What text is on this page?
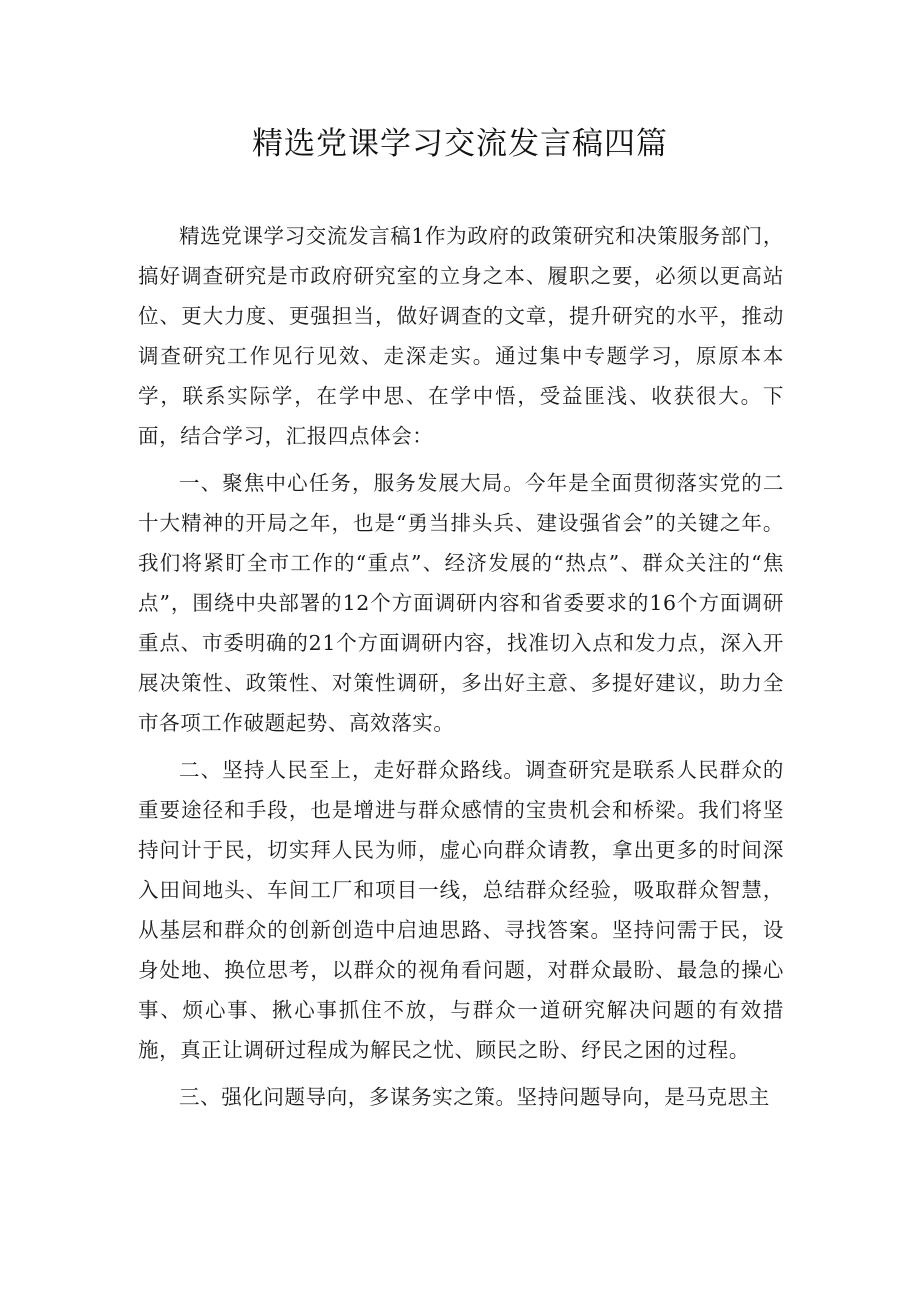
精选党课学习交流发言稿四篇

精选党课学习交流发言稿1作为政府的政策研究和决策服务部门，搞好调查研究是市政府研究室的立身之本、履职之要，必须以更高站位、更大力度、更强担当，做好调查的文章，提升研究的水平，推动调查研究工作见行见效、走深走实。通过集中专题学习，原原本本学，联系实际学，在学中思、在学中悟，受益匪浅、收获很大。下面，结合学习，汇报四点体会：

一、聚焦中心任务，服务发展大局。今年是全面贯彻落实党的二十大精神的开局之年，也是“勇当排头兵、建设强省会”的关键之年。我们将紧盯全市工作的“重点”、经济发展的“热点”、群众关注的“焦点”，围绕中央部署的12个方面调研内容和省委要求的16个方面调研重点、市委明确的21个方面调研内容，找准切入点和发力点，深入开展决策性、政策性、对策性调研，多出好主意、多提好建议，助力全市各项工作破题起势、高效落实。

二、坚持人民至上，走好群众路线。调查研究是联系人民群众的重要途径和手段，也是增进与群众感情的宝贵机会和桥梁。我们将坚持问计于民，切实拜人民为师，虚心向群众请教，拿出更多的时间深入田间地头、车间工厂和项目一线，总结群众经验，吸取群众智慧，从基层和群众的创新创造中启迪思路、寻找答案。坚持问需于民，设身处地、换位思考，以群众的视角看问题，对群众最盼、最急的操心事、烦心事、揪心事抓住不放，与群众一道研究解决问题的有效措施，真正让调研过程成为解民之忧、顾民之盼、纾民之困的过程。

三、强化问题导向，多谋务实之策。坚持问题导向，是马克思主
